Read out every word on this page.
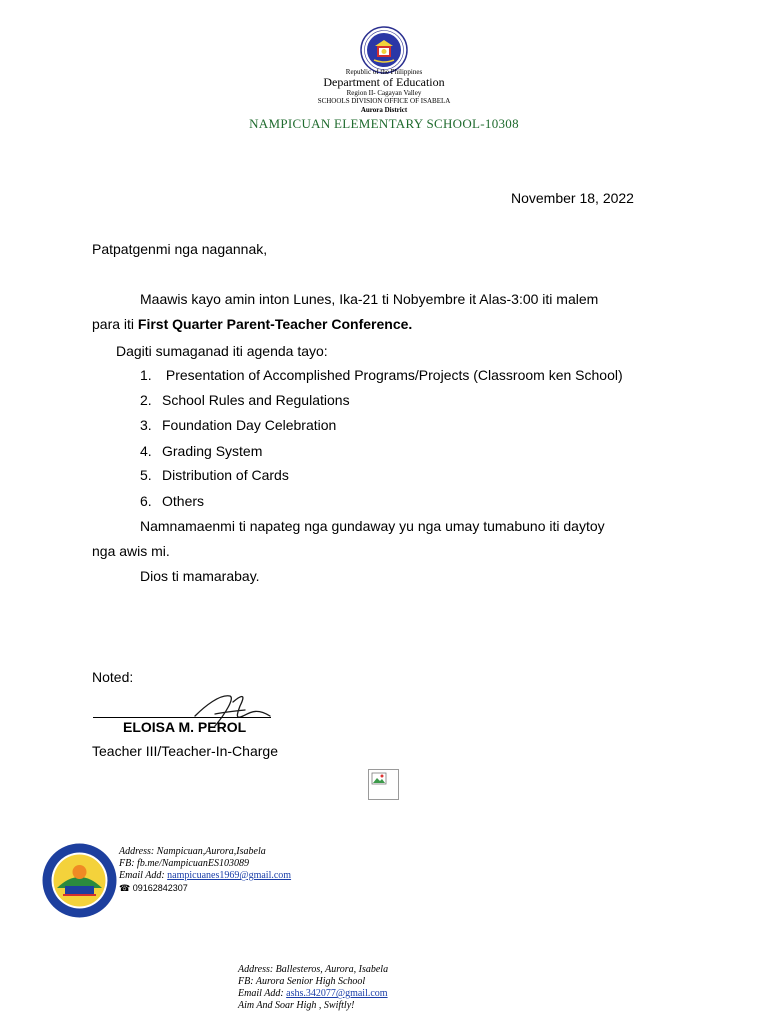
Republic of the Philippines
Department of Education
Region II- Cagayan Valley
SCHOOLS DIVISION OFFICE OF ISABELA
Aurora District
NAMPICUAN ELEMENTARY SCHOOL-10308
November 18, 2022
Patpatgenmi nga nagannak,
Maawis kayo amin inton Lunes, Ika-21 ti Nobyembre it Alas-3:00 iti malem
para iti First Quarter Parent-Teacher Conference.
Dagiti sumaganad iti agenda tayo:
1. Presentation of Accomplished Programs/Projects (Classroom ken School)
2. School Rules and Regulations
3. Foundation Day Celebration
4. Grading System
5. Distribution of Cards
6. Others
Namnamaenmi ti napateg nga gundaway yu nga umay tumabuno iti daytoy
nga awis mi.
Dios ti mamarabay.
Noted:
ELOISA M. PEROL
Teacher III/Teacher-In-Charge
Address: Nampicuan,Aurora,Isabela
FB: fb.me/NampicuanES103089
Email Add: nampicuanes1969@gmail.com
☎ 09162842307
Address: Ballesteros, Aurora, Isabela
FB: Aurora Senior High School
Email Add: ashs.342077@gmail.com
Aim And Soar High , Swiftly!
